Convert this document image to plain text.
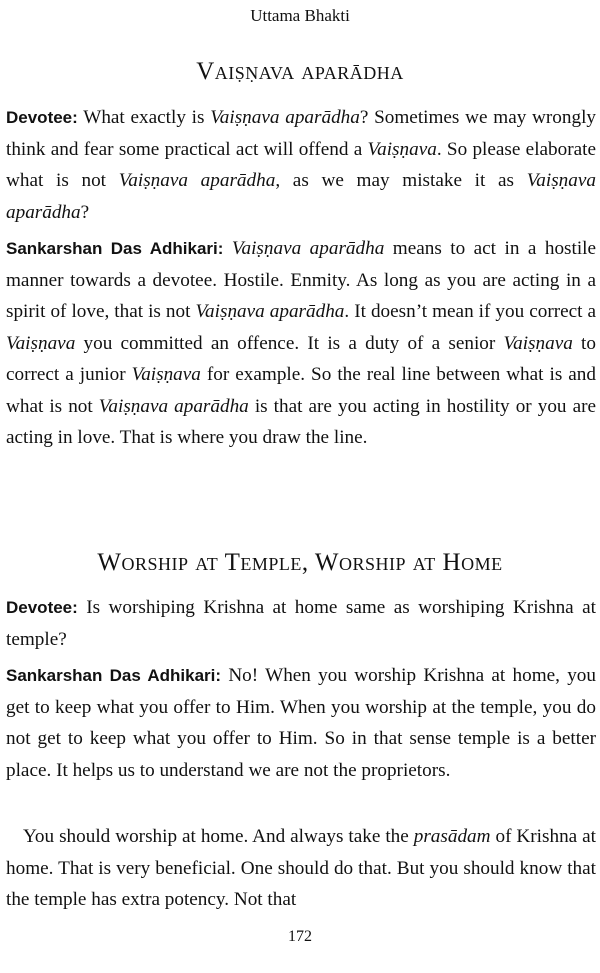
Uttama Bhakti
Vaiṣṇava aparādha

Devotee: What exactly is Vaiṣṇava aparādha? Sometimes we may wrongly think and fear some practical act will offend a Vaiṣṇava. So please elaborate what is not Vaiṣṇava aparādha, as we may mistake it as Vaiṣṇava aparādha?

Sankarshan Das Adhikari: Vaiṣṇava aparādha means to act in a hostile manner towards a devotee. Hostile. Enmity. As long as you are acting in a spirit of love, that is not Vaiṣṇava aparādha. It doesn’t mean if you correct a Vaiṣṇava you committed an offence. It is a duty of a senior Vaiṣṇava to correct a junior Vaiṣṇava for example. So the real line between what is and what is not Vaiṣṇava aparādha is that are you acting in hostility or you are acting in love. That is where you draw the line.

Worship at Temple, Worship at Home

Devotee: Is worshiping Krishna at home same as worshiping Krishna at temple?

Sankarshan Das Adhikari: No! When you worship Krishna at home, you get to keep what you offer to Him. When you worship at the temple, you do not get to keep what you offer to Him. So in that sense temple is a better place. It helps us to understand we are not the proprietors.

You should worship at home. And always take the prasādam of Krishna at home. That is very beneficial. One should do that. But you should know that the temple has extra potency. Not that

172
